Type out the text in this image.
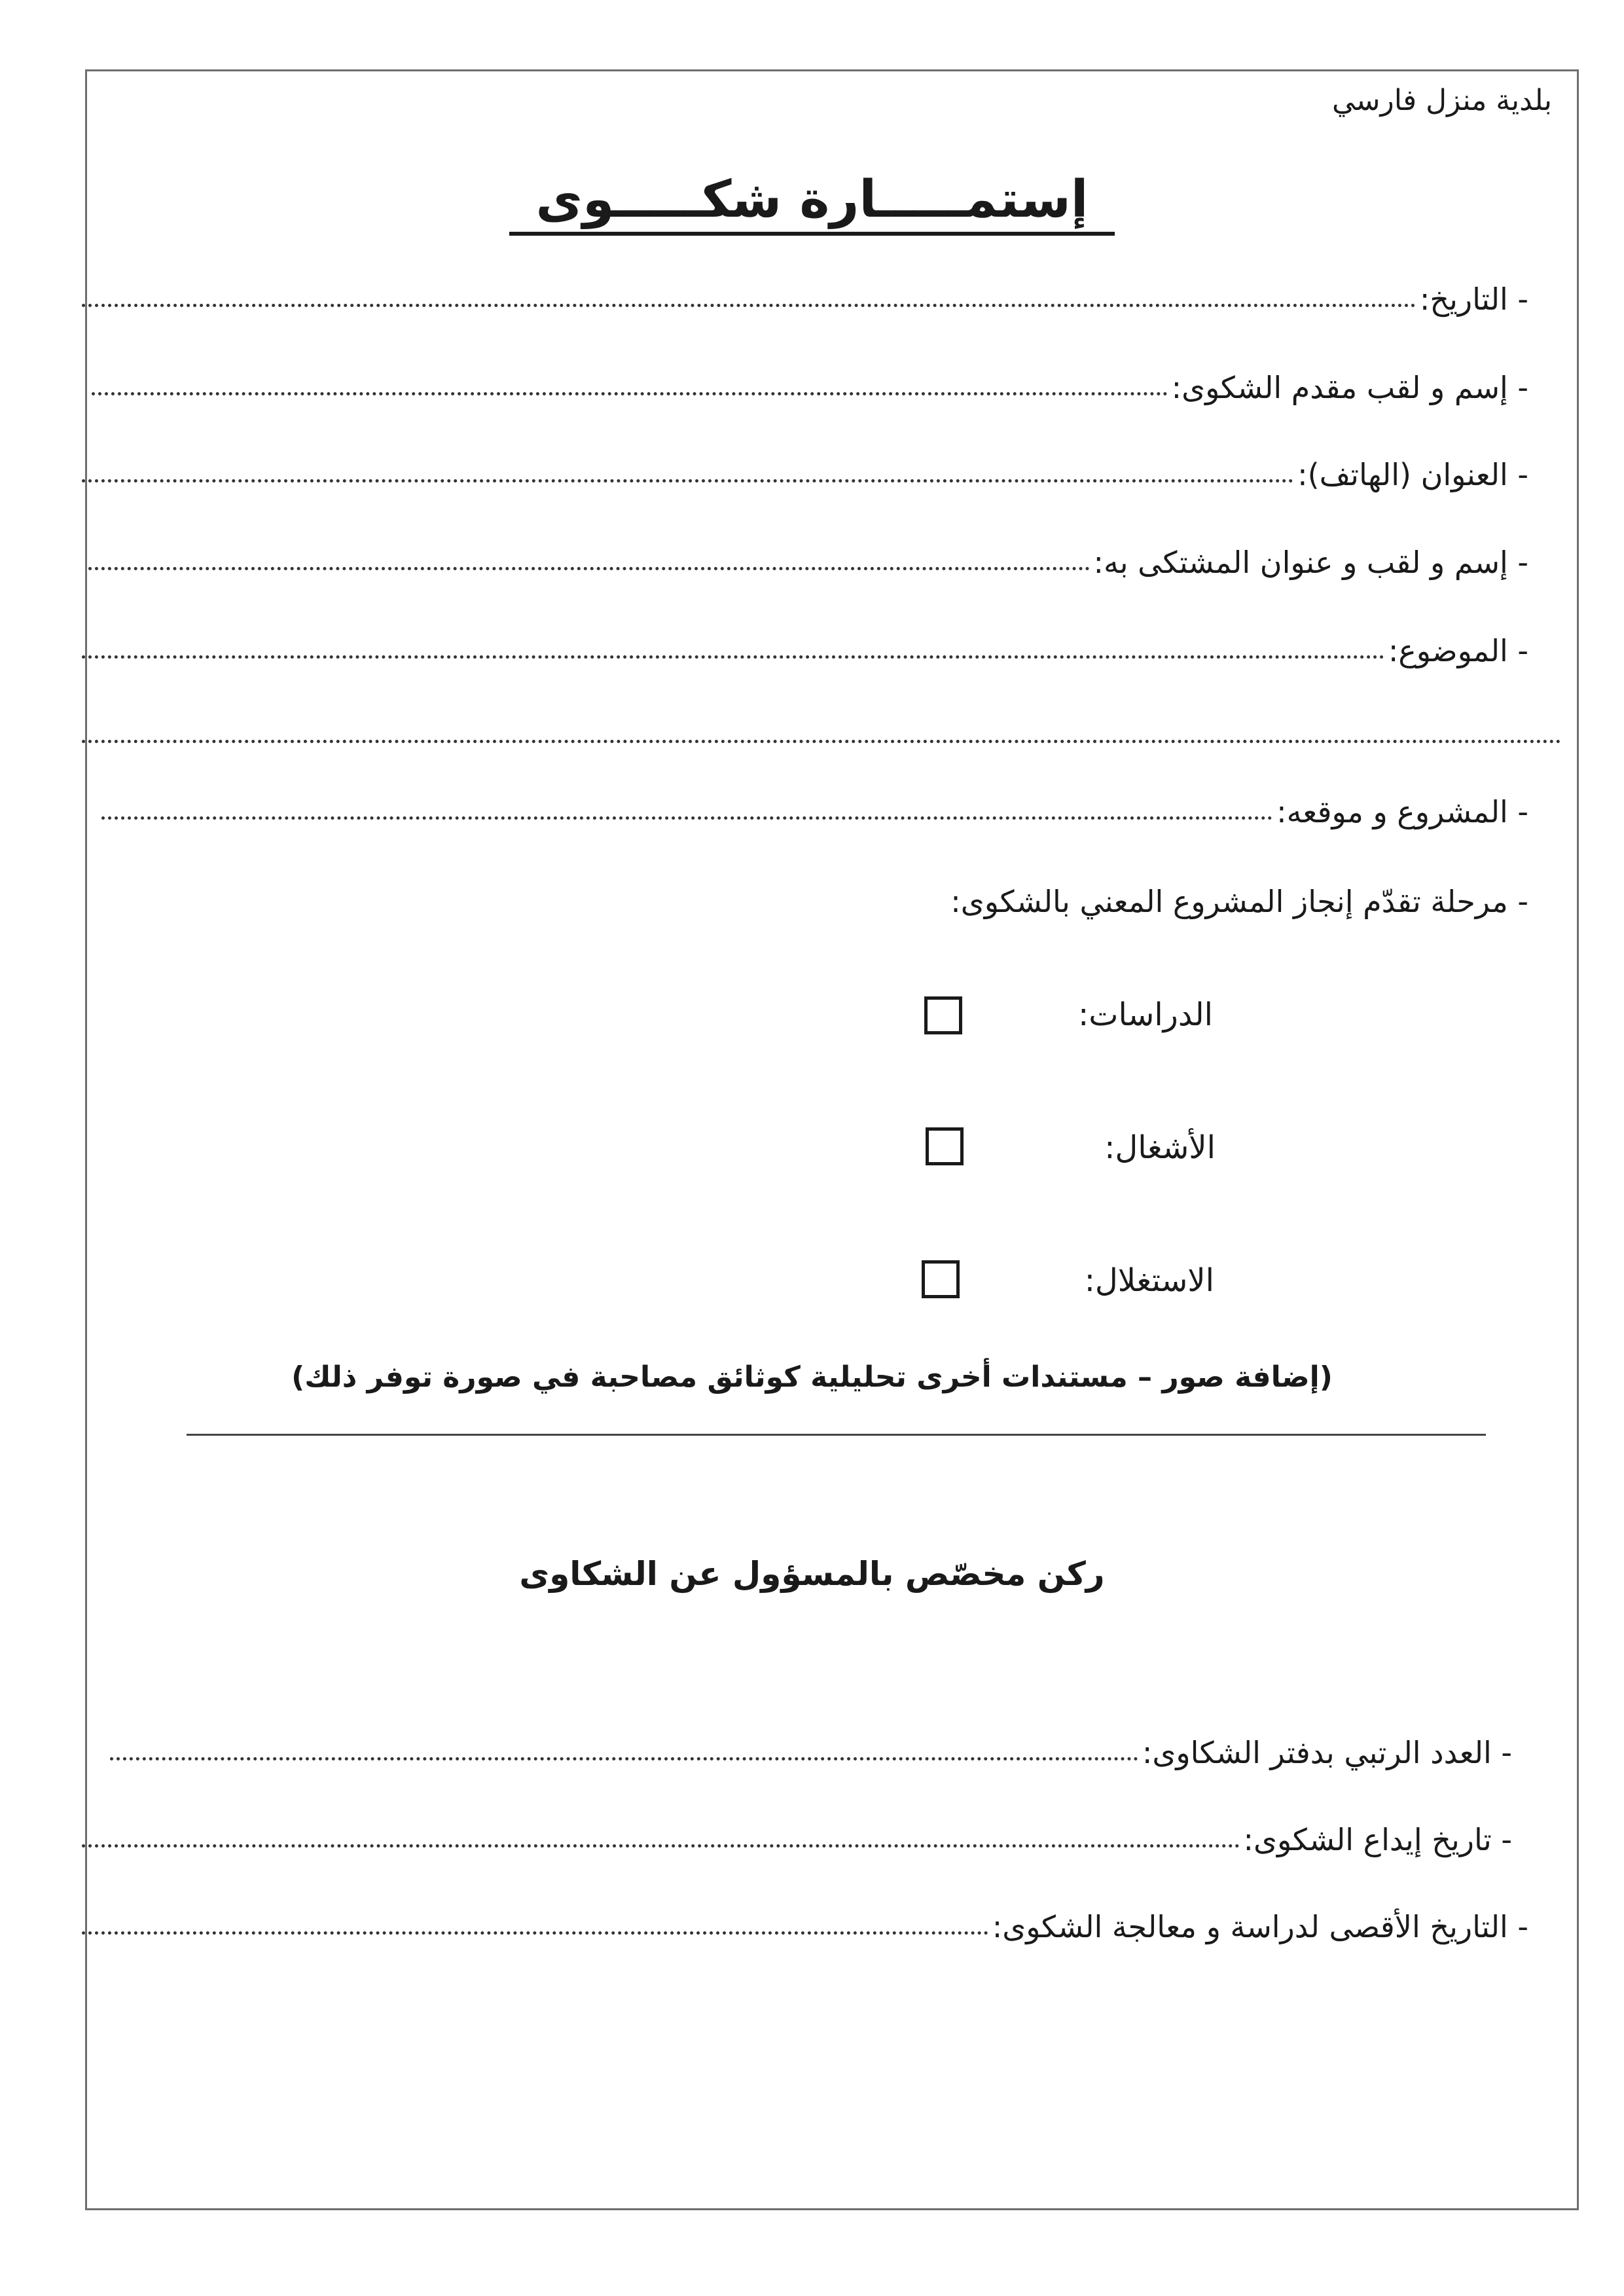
بلدية منزل فارسي
إستمـــــارة شكـــــوى
- التاريخ:
- إسم و لقب مقدم الشكوى:
- العنوان (الهاتف):
- إسم و لقب و عنوان المشتكى به:
- الموضوع:
- المشروع و موقعه:
- مرحلة تقدّم إنجاز المشروع المعني بالشكوى:
الدراسات:
الأشغال:
الاستغلال:
(إضافة صور – مستندات أخرى تحليلية كوثائق مصاحبة في صورة توفر ذلك)
ركن مخصّص بالمسؤول عن الشكاوى
- العدد الرتبي بدفتر الشكاوى:
- تاريخ إيداع الشكوى:
- التاريخ الأقصى لدراسة و معالجة الشكوى:
